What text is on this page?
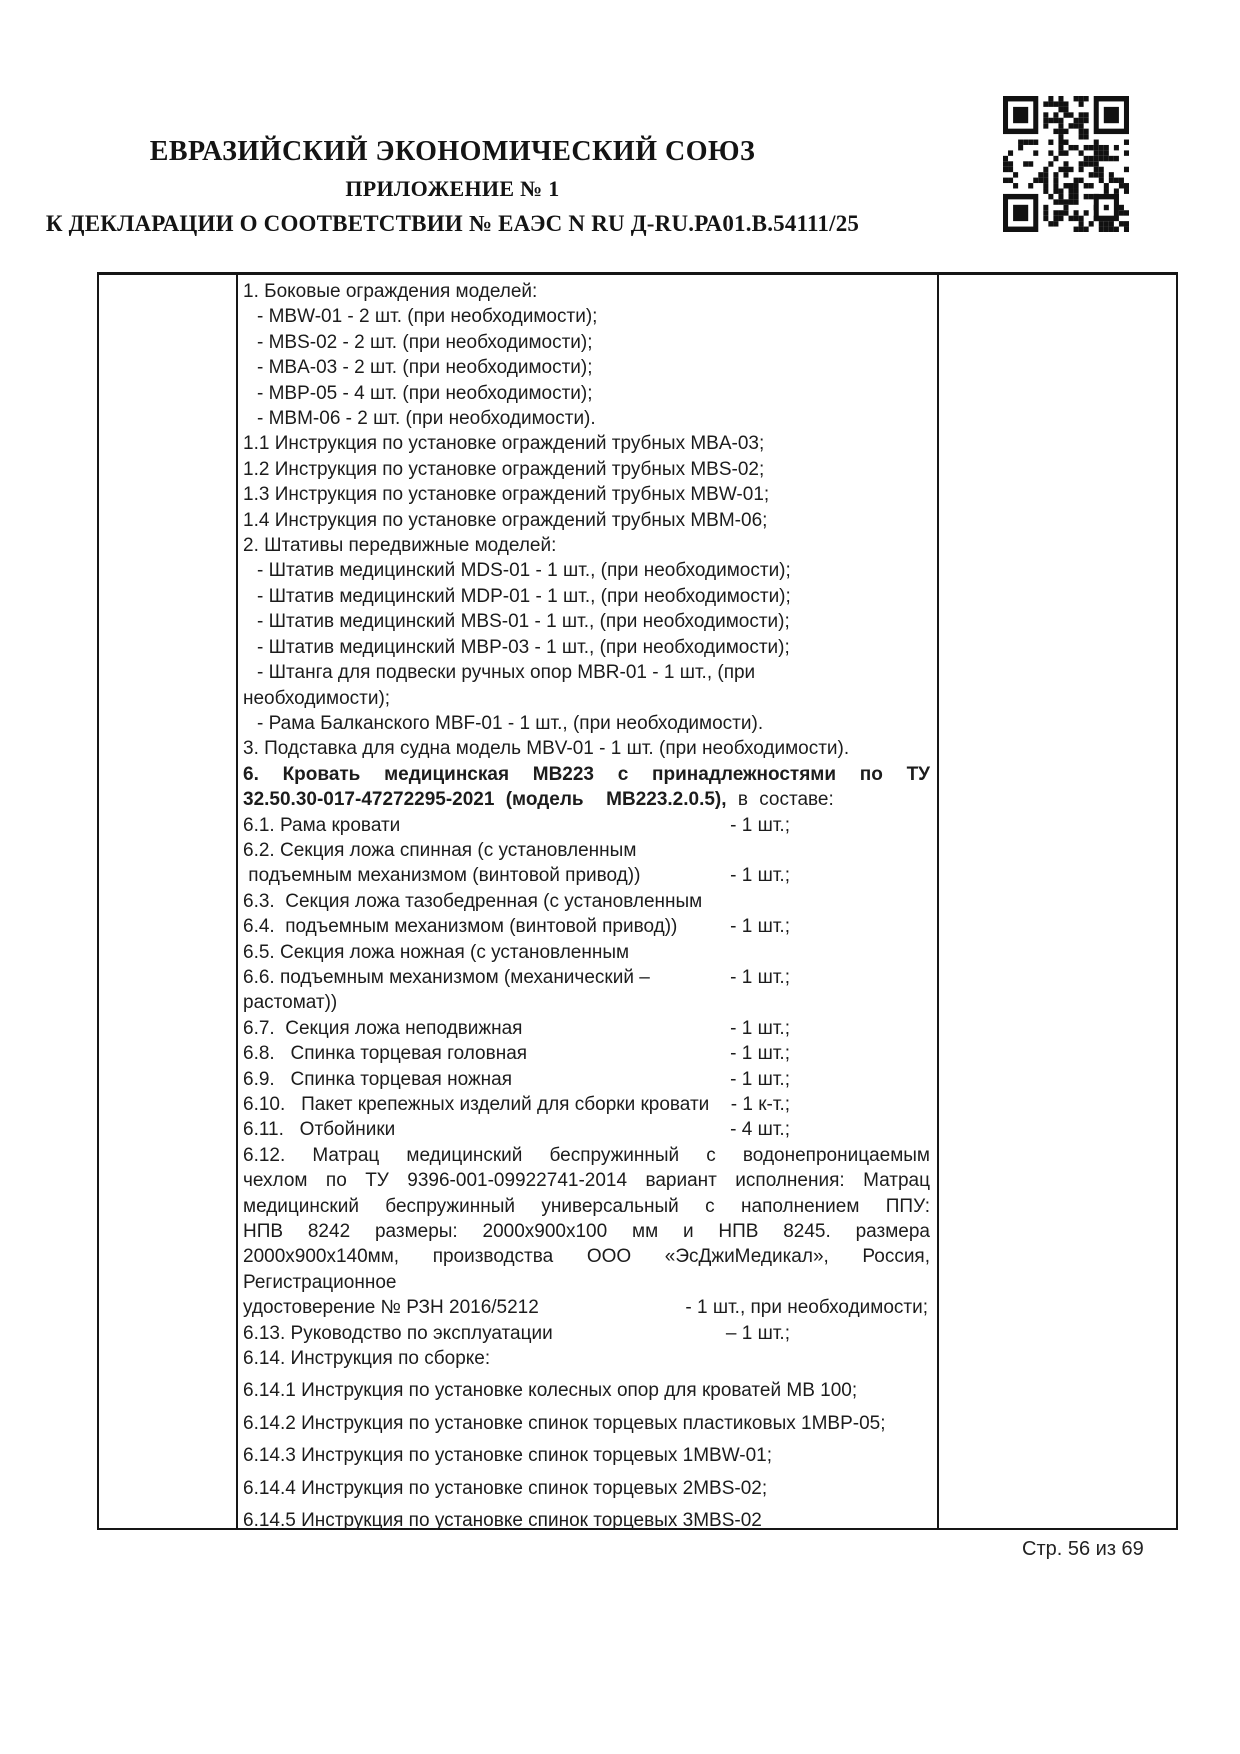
ЕВРАЗИЙСКИЙ ЭКОНОМИЧЕСКИЙ СОЮЗ
ПРИЛОЖЕНИЕ № 1
К ДЕКЛАРАЦИИ О СООТВЕТСТВИИ № ЕАЭС N RU Д-RU.РА01.В.54111/25
1. Боковые ограждения моделей:
- MBW-01 - 2 шт. (при необходимости);
- MBS-02 - 2 шт. (при необходимости);
- MBA-03 - 2 шт. (при необходимости);
- MBP-05 - 4 шт. (при необходимости);
- MBM-06 - 2 шт. (при необходимости).
1.1 Инструкция по установке ограждений трубных MBA-03;
1.2 Инструкция по установке ограждений трубных MBS-02;
1.3 Инструкция по установке ограждений трубных MBW-01;
1.4 Инструкция по установке ограждений трубных MBM-06;
2. Штативы передвижные моделей:
- Штатив медицинский MDS-01 - 1 шт., (при необходимости);
- Штатив медицинский MDP-01 - 1 шт., (при необходимости);
- Штатив медицинский MBS-01 - 1 шт., (при необходимости);
- Штатив медицинский MBP-03 - 1 шт., (при необходимости);
- Штанга для подвески ручных опор MBR-01 - 1 шт., (при
необходимости);
- Рама Балканского MBF-01 - 1 шт., (при необходимости).
3. Подставка для судна модель MBV-01 - 1 шт. (при необходимости).
6. Кровать медицинская МВ223 с принадлежностями по ТУ 32.50.30-017-47272295-2021 (модель  МВ223.2.0.5), в составе:
6.1. Рама кровати	- 1 шт.;
6.2. Секция ложа спинная (с установленным
подъемным механизмом (винтовой привод))	- 1 шт.;
6.3.  Секция ложа тазобедренная (с установленным
6.4.  подъемным механизмом (винтовой привод))	- 1 шт.;
6.5. Секция ложа ножная (с установленным
6.6. подъемным механизмом (механический – растомат))
- 1 шт.;
6.7.  Секция ложа неподвижная	- 1 шт.;
6.8.   Спинка торцевая головная	- 1 шт.;
6.9.   Спинка торцевая ножная	- 1 шт.;
6.10.   Пакет крепежных изделий для сборки кровати - 1 к-т.;
6.11.   Отбойники	- 4 шт.;
6.12. Матрац медицинский беспружинный с водонепроницаемым чехлом по ТУ 9396-001-09922741-2014 вариант исполнения: Матрац медицинский беспружинный универсальный с наполнением ППУ: НПВ 8242 размеры: 2000х900х100 мм и НПВ 8245. размера 2000х900х140мм, производства ООО «ЭсДжиМедикал», Россия, Регистрационное
удостоверение № РЗН 2016/5212	- 1 шт., при необходимости;
6.13. Руководство по эксплуатации	– 1 шт.;
6.14. Инструкция по сборке:
6.14.1 Инструкция по установке колесных опор для кроватей МВ 100;
6.14.2 Инструкция по установке спинок торцевых пластиковых 1МВР-05;
6.14.3 Инструкция по установке спинок торцевых 1MBW-01;
6.14.4 Инструкция по установке спинок торцевых 2MBS-02;
6.14.5 Инструкция по установке спинок торцевых 3MBS-02
Стр. 56 из 69
